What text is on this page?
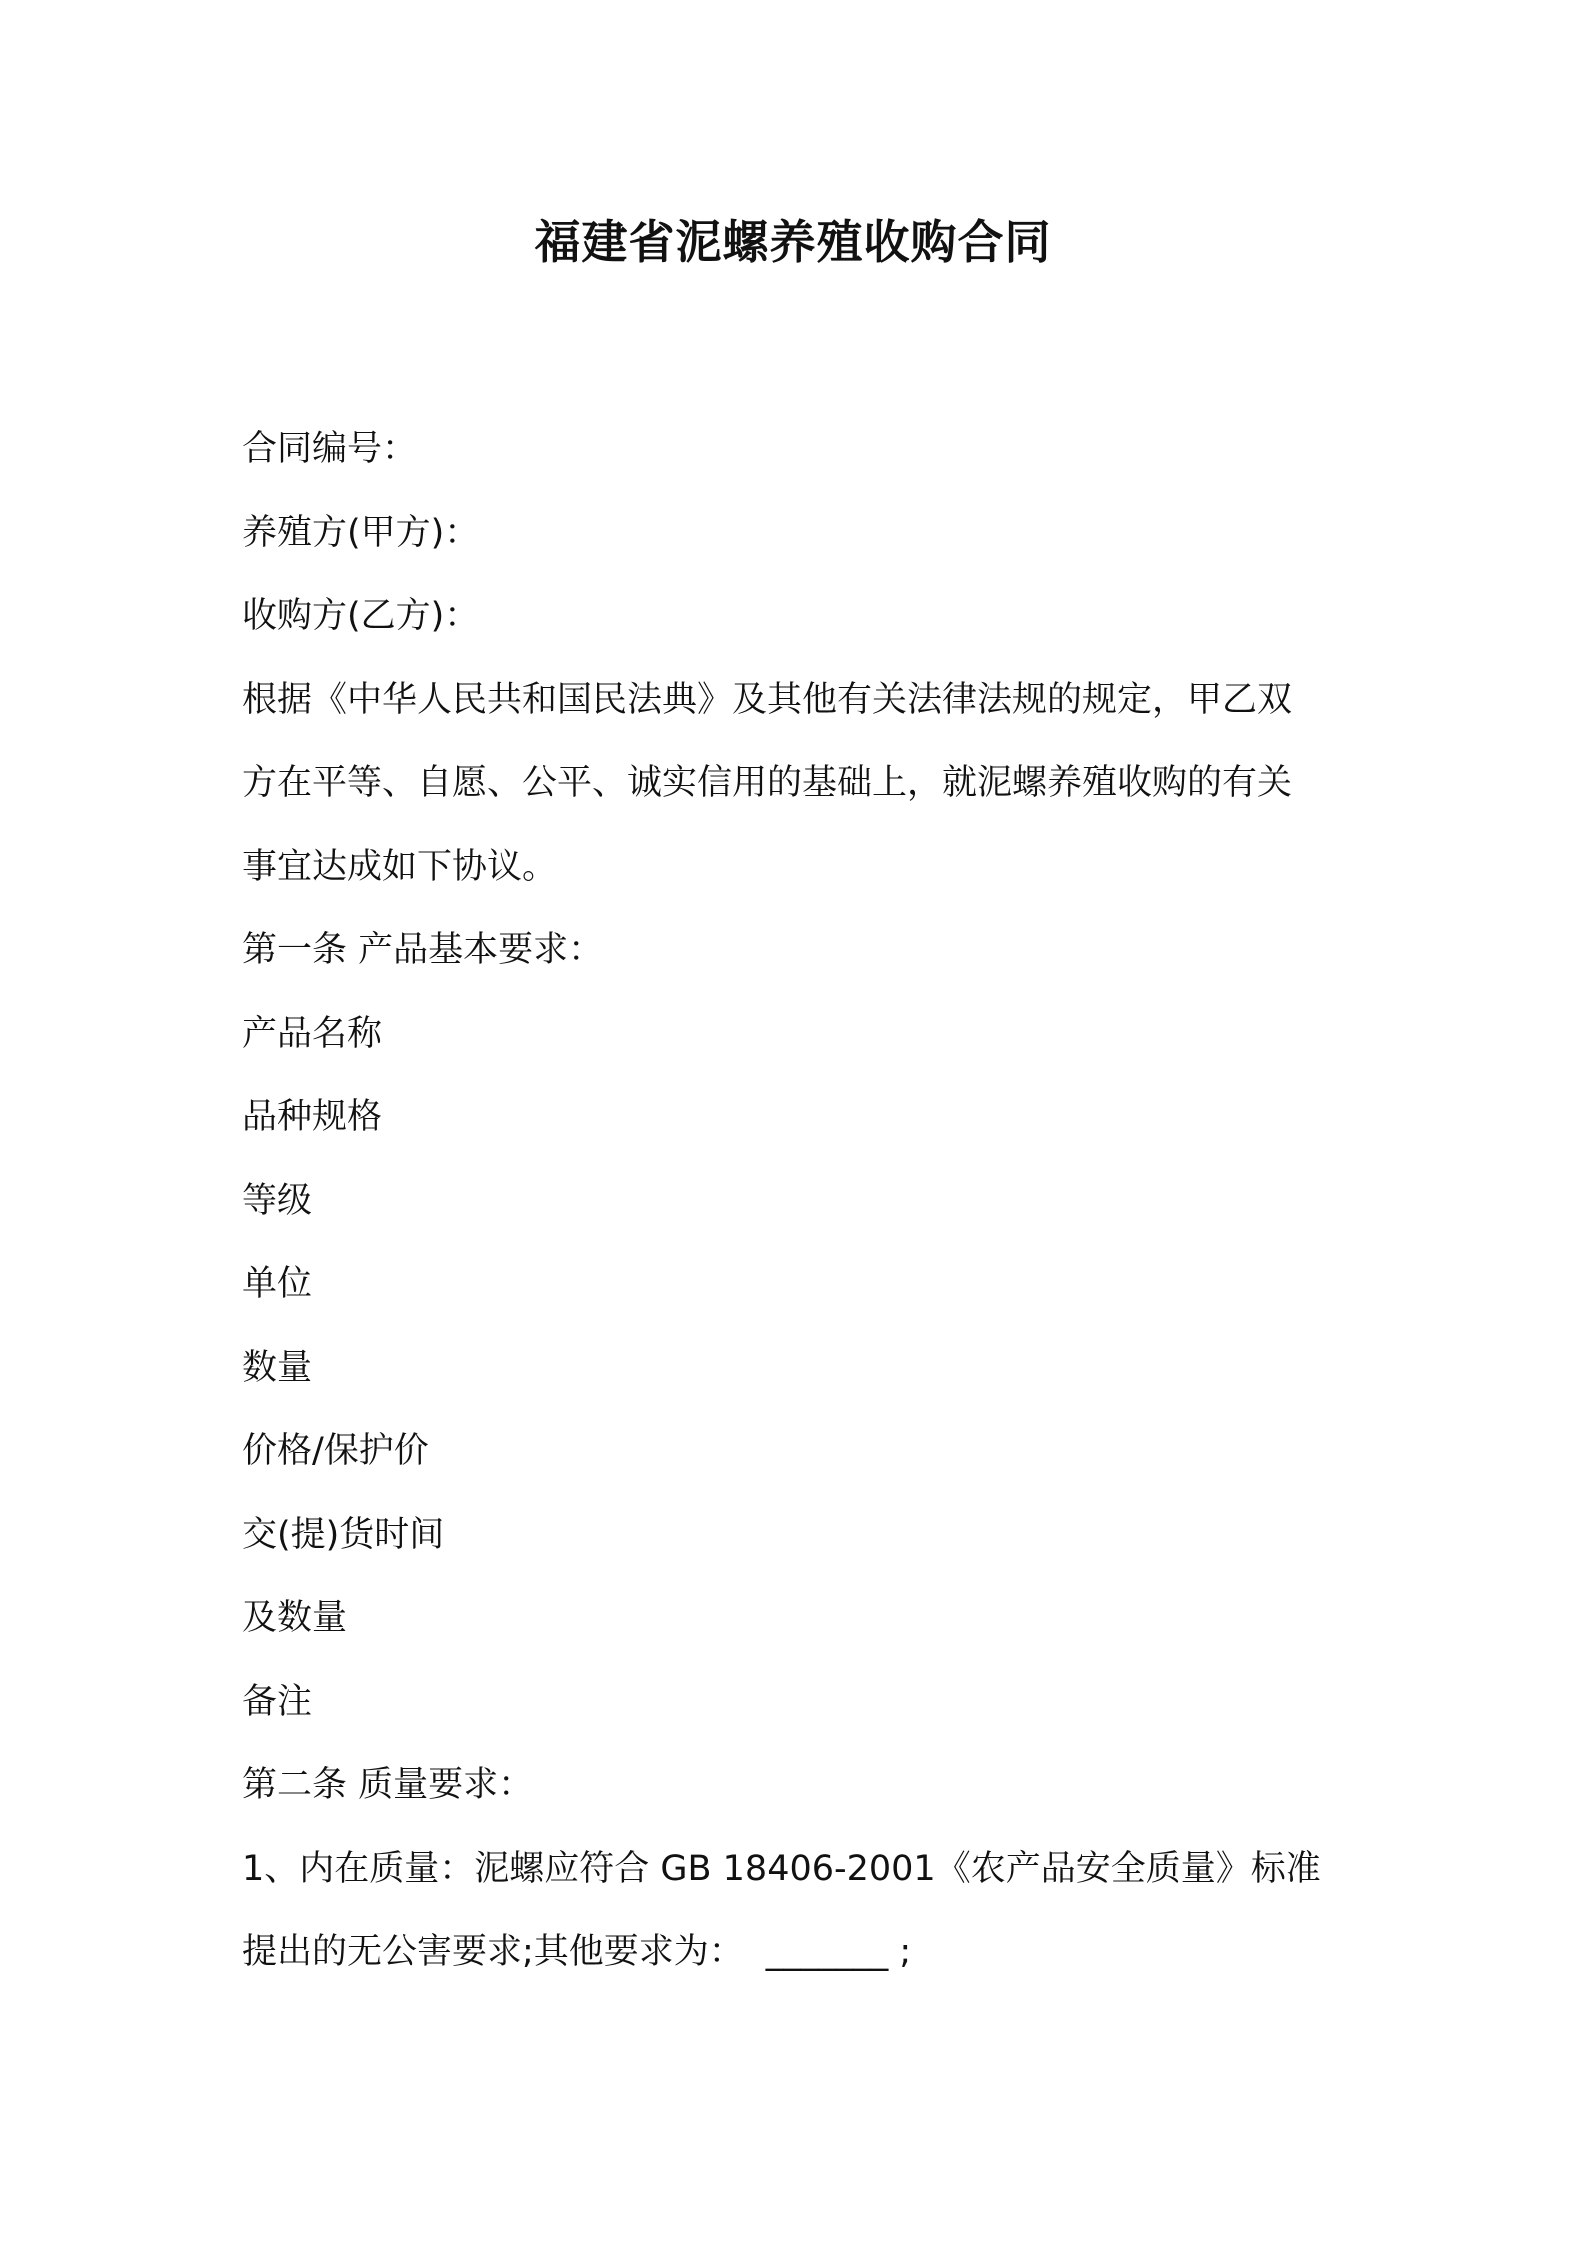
福建省泥螺养殖收购合同
合同编号：
养殖方(甲方)：
收购方(乙方)：
根据《中华人民共和国民法典》及其他有关法律法规的规定，甲乙双
方在平等、自愿、公平、诚实信用的基础上，就泥螺养殖收购的有关
事宜达成如下协议。
第一条 产品基本要求：
产品名称
品种规格
等级
单位
数量
价格/保护价
交(提)货时间
及数量
备注
第二条 质量要求：
1、内在质量：泥螺应符合 GB 18406-2001《农产品安全质量》标准
提出的无公害要求;其他要求为： _______ ;
